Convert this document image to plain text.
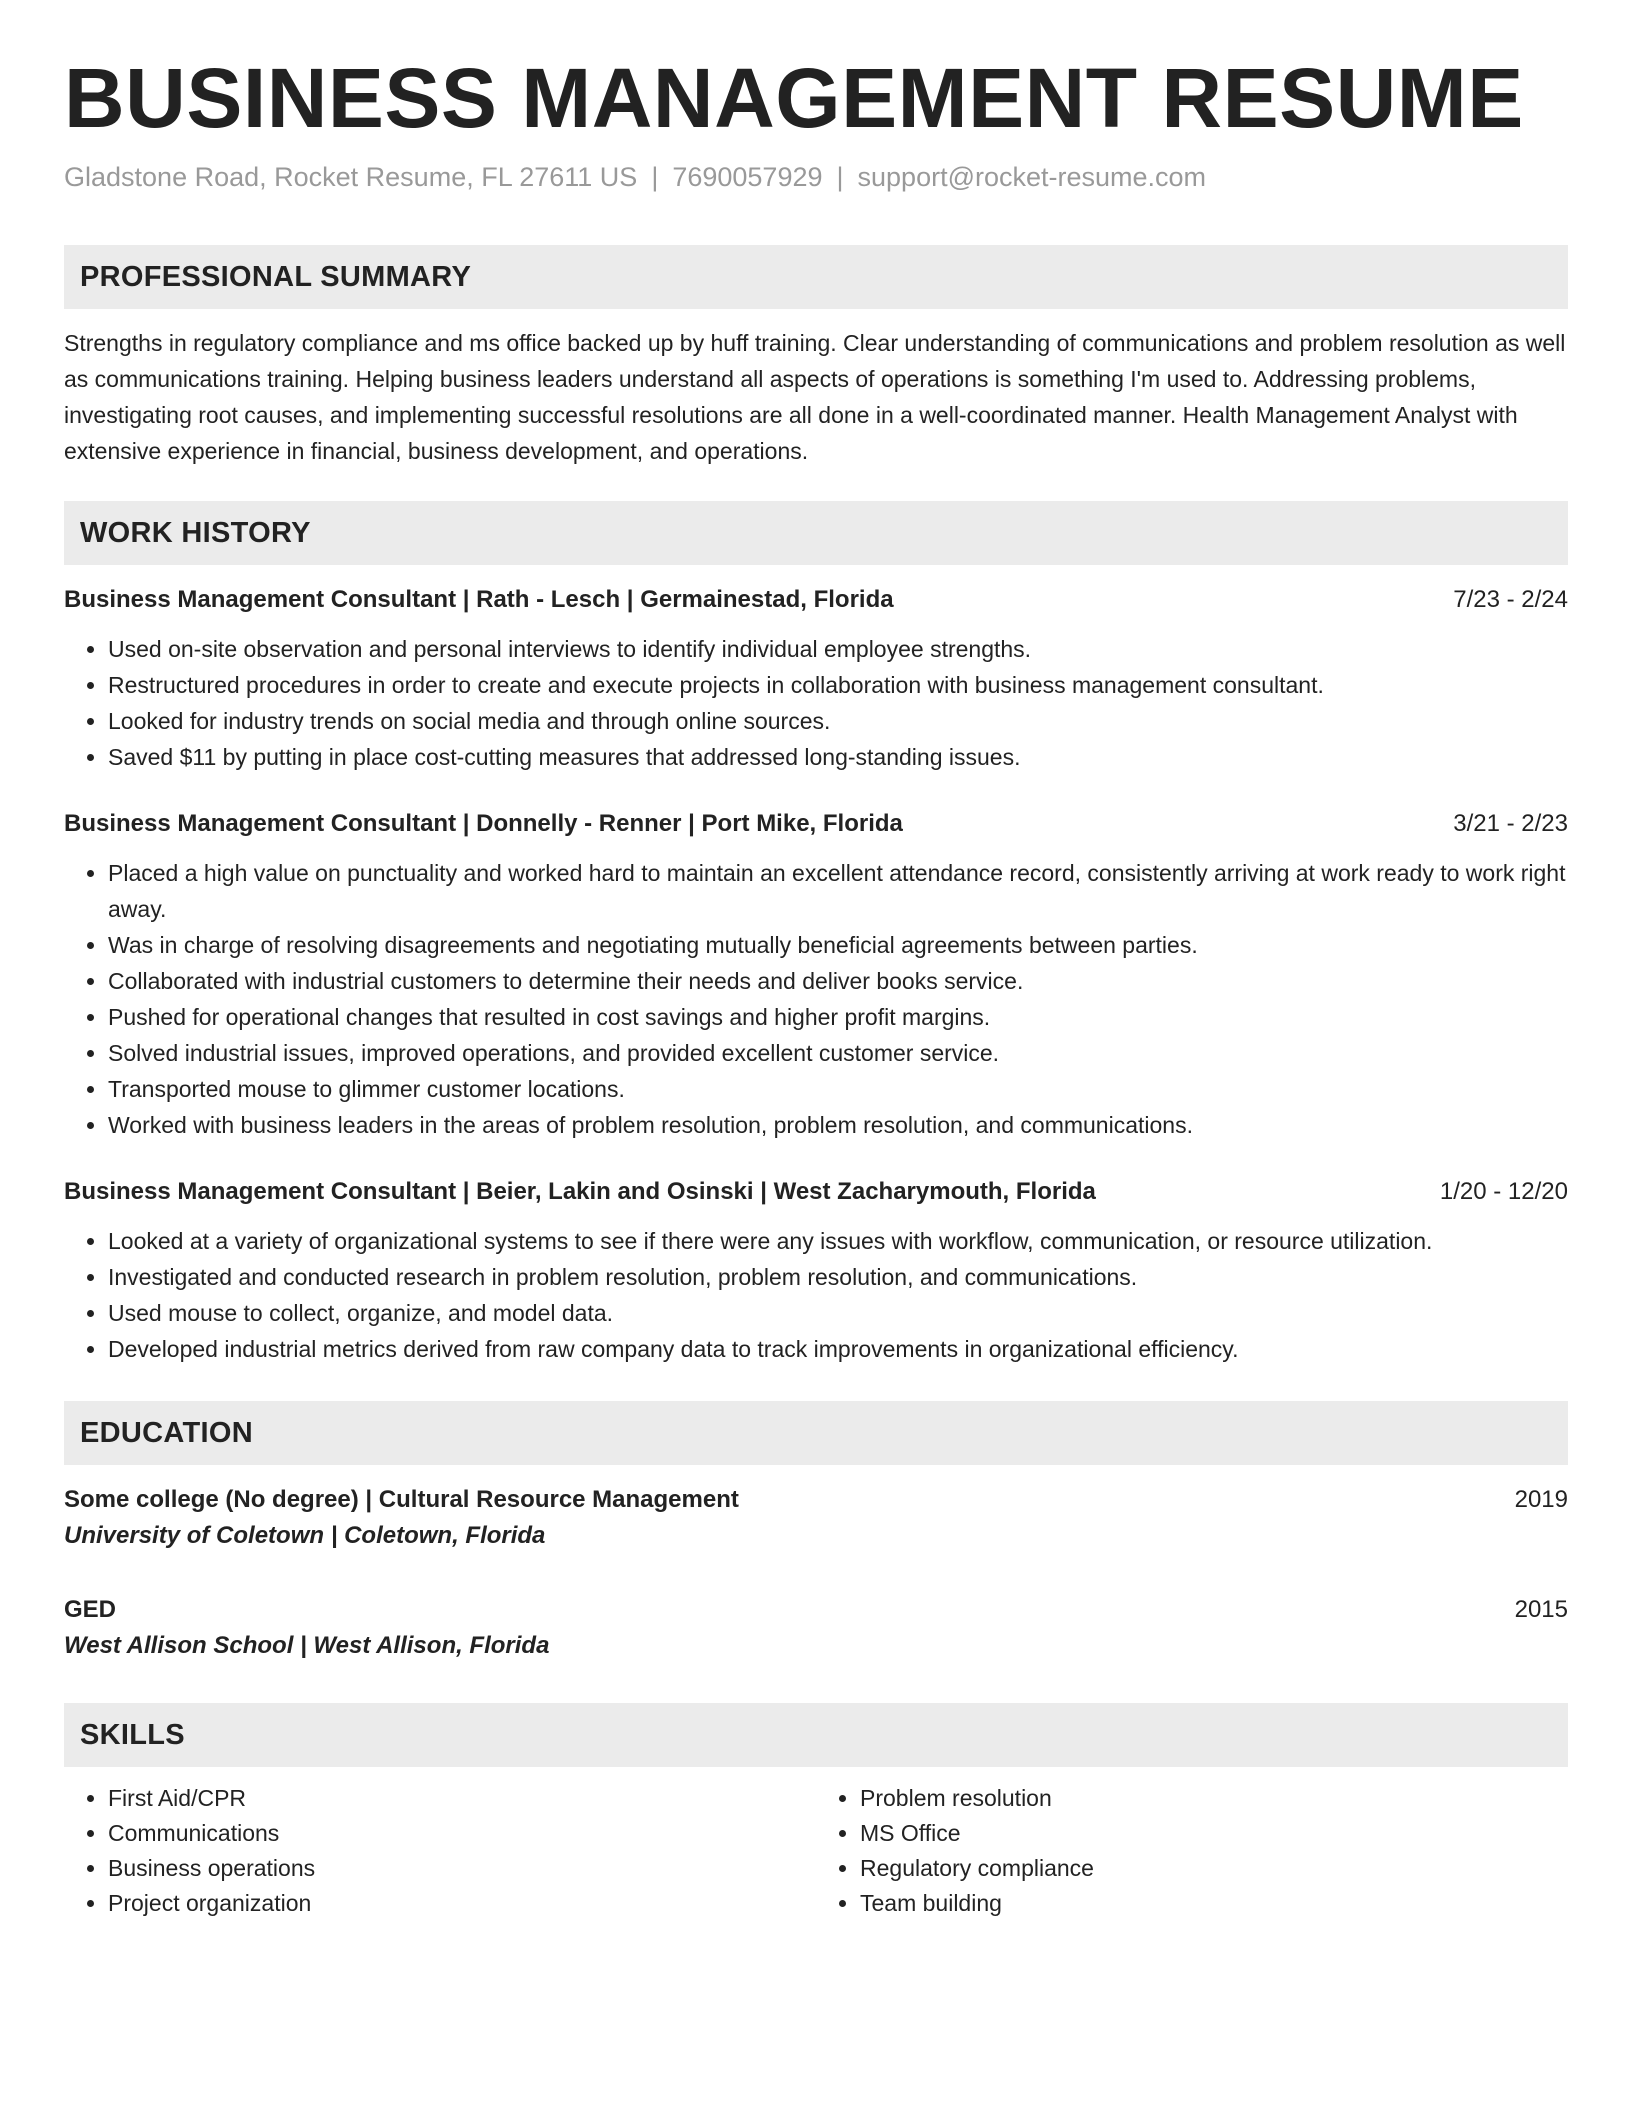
BUSINESS MANAGEMENT RESUME
Gladstone Road, Rocket Resume, FL 27611 US | 7690057929 | support@rocket-resume.com
PROFESSIONAL SUMMARY

Strengths in regulatory compliance and ms office backed up by huff training. Clear understanding of communications and problem resolution as well as communications training. Helping business leaders understand all aspects of operations is something I'm used to. Addressing problems, investigating root causes, and implementing successful resolutions are all done in a well-coordinated manner. Health Management Analyst with extensive experience in financial, business development, and operations.

WORK HISTORY
Business Management Consultant | Rath - Lesch | Germainestad, Florida	7/23 - 2/24
• Used on-site observation and personal interviews to identify individual employee strengths.
• Restructured procedures in order to create and execute projects in collaboration with business management consultant.
• Looked for industry trends on social media and through online sources.
• Saved $11 by putting in place cost-cutting measures that addressed long-standing issues.
Business Management Consultant | Donnelly - Renner | Port Mike, Florida	3/21 - 2/23
• Placed a high value on punctuality and worked hard to maintain an excellent attendance record, consistently arriving at work ready to work right away.
• Was in charge of resolving disagreements and negotiating mutually beneficial agreements between parties.
• Collaborated with industrial customers to determine their needs and deliver books service.
• Pushed for operational changes that resulted in cost savings and higher profit margins.
• Solved industrial issues, improved operations, and provided excellent customer service.
• Transported mouse to glimmer customer locations.
• Worked with business leaders in the areas of problem resolution, problem resolution, and communications.
Business Management Consultant | Beier, Lakin and Osinski | West Zacharymouth, Florida	1/20 - 12/20
• Looked at a variety of organizational systems to see if there were any issues with workflow, communication, or resource utilization.
• Investigated and conducted research in problem resolution, problem resolution, and communications.
• Used mouse to collect, organize, and model data.
• Developed industrial metrics derived from raw company data to track improvements in organizational efficiency.
EDUCATION
Some college (No degree) | Cultural Resource Management	2019
University of Coletown | Coletown, Florida
GED	2015
West Allison School | West Allison, Florida
SKILLS
• First Aid/CPR
• Communications
• Business operations
• Project organization
• Problem resolution
• MS Office
• Regulatory compliance
• Team building
